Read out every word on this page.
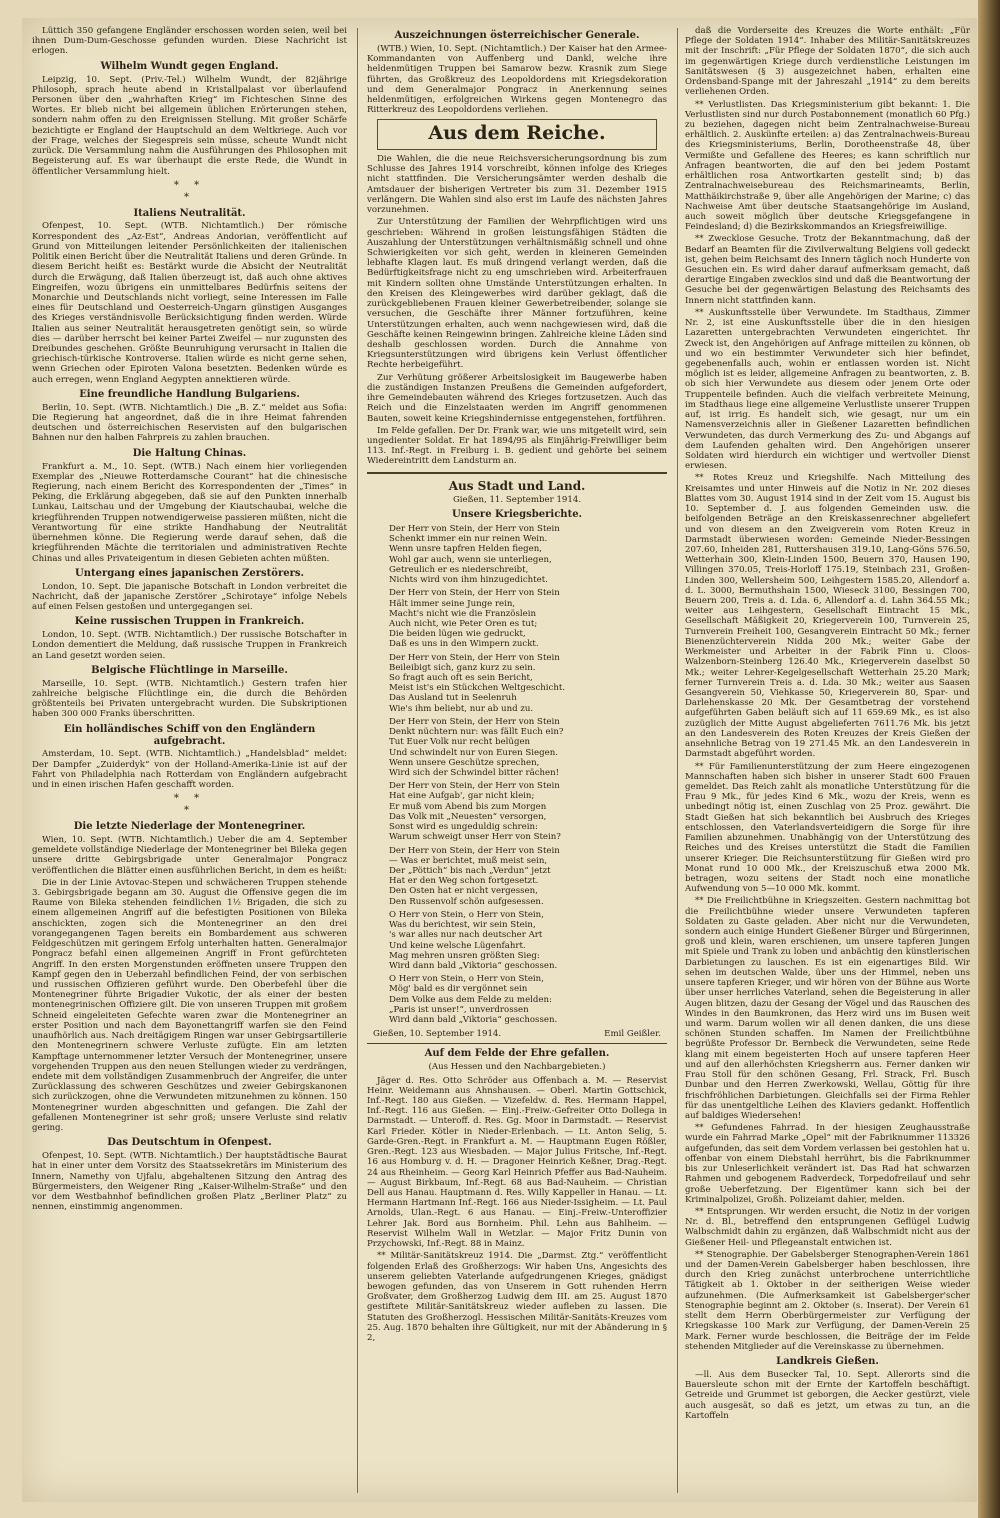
Lüttich 350 gefangene Engländer erschossen worden seien, weil bei ihnen Dum-Dum-Geschosse gefunden wurden. Diese Nachricht ist erlogen.

Wilhelm Wundt gegen England.

Leipzig, 10. Sept. (Priv.-Tel.) Wilhelm Wundt, der 82jährige Philosoph, sprach heute abend in Kristallpalast vor überlaufend Personen über den „wahrhaften Krieg“ im Fichteschen Sinne des Wortes. Er blieb nicht bei allgemein üblichen Erörterungen stehen, sondern nahm offen zu den Ereignissen Stellung. Mit großer Schärfe bezichtigte er England der Hauptschuld an dem Weltkriege. Auch vor der Frage, welches der Siegespreis sein müsse, scheute Wundt nicht zurück. Die Versammlung nahm die Ausführungen des Philosophen mit Begeisterung auf. Es war überhaupt die erste Rede, die Wundt in öffentlicher Versammlung hielt.

* *
*
Italiens Neutralität.

Ofenpest, 10. Sept. (WTB. Nichtamtlich.) Der römische Korrespondent des „Az-Est“, Andreas Andorian, veröffentlicht auf Grund von Mitteilungen leitender Persönlichkeiten der italienischen Politik einen Bericht über die Neutralität Italiens und deren Gründe. In diesem Bericht heißt es: Bestärkt wurde die Absicht der Neutralität durch die Erwägung, daß Italien überzeugt ist, daß auch ohne aktives Eingreifen, wozu übrigens ein unmittelbares Bedürfnis seitens der Monarchie und Deutschlands nicht vorliegt, seine Interessen im Falle eines für Deutschland und Oesterreich-Ungarn günstigen Ausganges des Krieges verständnisvolle Berücksichtigung finden werden. Würde Italien aus seiner Neutralität herausgetreten genötigt sein, so würde dies — darüber herrscht bei keiner Partei Zweifel — nur zugunsten des Dreibundes geschehen. Größte Beunruhigung verursacht in Italien die griechisch-türkische Kontroverse. Italien würde es nicht gerne sehen, wenn Griechen oder Epiroten Valona besetzten. Bedenken würde es auch erregen, wenn England Aegypten annektieren würde.

Eine freundliche Handlung Bulgariens.

Berlin, 10. Sept. (WTB. Nichtamtlich.) Die „B. Z.“ meldet aus Sofia: Die Regierung hat angeordnet, daß die in ihre Heimat fahrenden deutschen und österreichischen Reservisten auf den bulgarischen Bahnen nur den halben Fahrpreis zu zahlen brauchen.

Die Haltung Chinas.

Frankfurt a. M., 10. Sept. (WTB.) Nach einem hier vorliegenden Exemplar des „Nieuwe Rotterdamsche Courant“ hat die chinesische Regierung, nach einem Bericht des Korrespondenten der „Times“ in Peking, die Erklärung abgegeben, daß sie auf den Punkten innerhalb Lunkau, Laitschau und der Umgebung der Kiautschaubai, welche die kriegführenden Truppen notwendigerweise passieren müßten, nicht die Verantwortung für eine strikte Handhabung der Neutralität übernehmen könne. Die Regierung werde darauf sehen, daß die kriegführenden Mächte die territorialen und administrativen Rechte Chinas und alles Privateigentum in diesen Gebieten achten müßten.

Untergang eines japanischen Zerstörers.

London, 10. Sept. Die japanische Botschaft in London verbreitet die Nachricht, daß der japanische Zerstörer „Schirotaye“ infolge Nebels auf einen Felsen gestoßen und untergegangen sei.

Keine russischen Truppen in Frankreich.

London, 10. Sept. (WTB. Nichtamtlich.) Der russische Botschafter in London dementiert die Meldung, daß russische Truppen in Frankreich an Land gesetzt worden seien.

Belgische Flüchtlinge in Marseille.

Marseille, 10. Sept. (WTB. Nichtamtlich.) Gestern trafen hier zahlreiche belgische Flüchtlinge ein, die durch die Behörden größtenteils bei Privaten untergebracht wurden. Die Subskriptionen haben 300 000 Franks überschritten.

Ein holländisches Schiff von den Engländern aufgebracht.

Amsterdam, 10. Sept. (WTB. Nichtamtlich.) „Handelsblad“ meldet: Der Dampfer „Zuiderdyk“ von der Holland-Amerika-Linie ist auf der Fahrt von Philadelphia nach Rotterdam von Engländern aufgebracht und in einen irischen Hafen geschafft worden.

* *
*
Die letzte Niederlage der Montenegriner.

Wien, 10. Sept. (WTB. Nichtamtlich.) Ueber die am 4. September gemeldete vollständige Niederlage der Montenegriner bei Bileka gegen unsere dritte Gebirgsbrigade unter Generalmajor Pongracz veröffentlichen die Blätter einen ausführlichen Bericht, in dem es heißt:

Die in der Linie Avtovac-Stepen und schwächeren Truppen stehende 3. Gebirgsbrigade begann am 30. August die Offensive gegen die im Raume von Bileka stehenden feindlichen 1½ Brigaden, die sich zu einem allgemeinen Angriff auf die befestigten Positionen von Bileka anschickten, zogen sich die Montenegriner an den drei vorangegangenen Tagen bereits ein Bombardement aus schweren Feldgeschützen mit geringem Erfolg unterhalten hatten. Generalmajor Pongracz befahl einen allgemeinen Angriff in Front gefürchteten Angriff. In den ersten Morgenstunden eröffneten unsere Truppen den Kampf gegen den in Ueberzahl befindlichen Feind, der von serbischen und russischen Offizieren geführt wurde. Den Oberbefehl über die Montenegriner führte Brigadier Vukotic, der als einer der besten montenegrinischen Offiziere gilt. Die von unseren Truppen mit großem Schneid eingeleiteten Gefechte waren zwar die Montenegriner an erster Position und nach dem Bayonettangriff warfen sie den Feind unaufhörlich aus. Nach dreitägigem Ringen war unser Gebirgsartillerie den Montenegrinern schwere Verluste zufügte. Ein am letzten Kampftage unternommener letzter Versuch der Montenegriner, unsere vorgehenden Truppen aus den neuen Stellungen wieder zu verdrängen, endete mit dem vollständigen Zusammenbruch der Angreifer, die unter Zurücklassung des schweren Geschützes und zweier Gebirgskanonen sich zurückzogen, ohne die Verwundeten mitzunehmen zu können. 150 Montenegriner wurden abgeschnitten und gefangen. Die Zahl der gefallenen Montenegriner ist sehr groß; unsere Verluste sind relativ gering.

Das Deutschtum in Ofenpest.

Ofenpest, 10. Sept. (WTB. Nichtamtlich.) Der hauptstädtische Baurat hat in einer unter dem Vorsitz des Staatssekretärs im Ministerium des Innern, Namethy von Ujfalu, abgehaltenen Sitzung den Antrag des Bürgermeisters, den Weigener Ring „Kaiser-Wilhelm-Straße“ und den vor dem Westbahnhof befindlichen großen Platz „Berliner Platz“ zu nennen, einstimmig angenommen.

Auszeichnungen österreichischer Generale.

(WTB.) Wien, 10. Sept. (Nichtamtlich.) Der Kaiser hat den Armee-Kommandanten von Auffenberg und Dankl, welche ihre heldenmütigen Truppen bei Samarow bezw. Krasnik zum Siege führten, das Großkreuz des Leopoldordens mit Kriegsdekoration und dem Generalmajor Pongracz in Anerkennung seines heldenmütigen, erfolgreichen Wirkens gegen Montenegro das Ritterkreuz des Leopoldordens verliehen.

Aus dem Reiche.

Die Wahlen, die die neue Reichsversicherungsordnung bis zum Schlusse des Jahres 1914 vorschreibt, können infolge des Krieges nicht stattfinden. Die Versicherungsämter werden deshalb die Amtsdauer der bisherigen Vertreter bis zum 31. Dezember 1915 verlängern. Die Wahlen sind also erst im Laufe des nächsten Jahres vorzunehmen.

Zur Unterstützung der Familien der Wehrpflichtigen wird uns geschrieben: Während in großen leistungsfähigen Städten die Auszahlung der Unterstützungen verhältnismäßig schnell und ohne Schwierigkeiten vor sich geht, werden in kleineren Gemeinden lebhafte Klagen laut. Es muß dringend verlangt werden, daß die Bedürftigkeitsfrage nicht zu eng umschrieben wird. Arbeiterfrauen mit Kindern sollten ohne Umstände Unterstützungen erhalten. In den Kreisen des Kleingewerbes wird darüber geklagt, daß die zurückgebliebenen Frauen kleiner Gewerbetreibender, solange sie versuchen, die Geschäfte ihrer Männer fortzuführen, keine Unterstützungen erhalten, auch wenn nachgewiesen wird, daß die Geschäfte keinen Reingewinn bringen. Zahlreiche kleine Läden sind deshalb geschlossen worden. Durch die Annahme von Kriegsunterstützungen wird übrigens kein Verlust öffentlicher Rechte herbeigeführt.

Zur Verhütung größerer Arbeitslosigkeit im Baugewerbe haben die zuständigen Instanzen Preußens die Gemeinden aufgefordert, ihre Gemeindebauten während des Krieges fortzusetzen. Auch das Reich und die Einzelstaaten werden im Angriff genommenen Bauten, soweit keine Kriegshindernisse entgegenstehen, fortführen.

Im Felde gefallen. Der Dr. Frank war, wie uns mitgeteilt wird, sein ungedienter Soldat. Er hat 1894/95 als Einjährig-Freiwilliger beim 113. Inf.-Regt. in Freiburg i. B. gedient und gehörte bei seinem Wiedereintritt dem Landsturm an.

Aus Stadt und Land.
Gießen, 11. September 1914.
Unsere Kriegsberichte.
Der Herr von Stein, der Herr von Stein
Schenkt immer ein nur reinen Wein.
Wenn unsre tapfren Helden fiegen,
Wohl gar auch, wenn sie unterliegen,
Getreulich er es niederschreibt,
Nichts wird von ihm hinzugedichtet.
Der Herr von Stein, der Herr von Stein
Hält immer seine Junge rein,
Macht's nicht wie die Französlein
Auch nicht, wie Peter Oren es tut;
Die beiden lügen wie gedruckt,
Daß es uns in den Wimpern zuckt.
Der Herr von Stein, der Herr von Stein
Beileibigt sich, ganz kurz zu sein.
So fragt auch oft es sein Bericht,
Meist ist's ein Stückchen Weltgeschicht.
Das Ausland tut in Seelenruh
Wie's ihm beliebt, nur ab und zu.
Der Herr von Stein, der Herr von Stein
Denkt nüchtern nur: was fällt Euch ein?
Tut Euer Volk nur recht belügen
Und schwindelt nur von Euren Siegen.
Wenn unsere Geschütze sprechen,
Wird sich der Schwindel bitter rächen!
Der Herr von Stein, der Herr von Stein
Hat eine Aufgab', gar nicht klein;
Er muß vom Abend bis zum Morgen
Das Volk mit „Neuesten“ versorgen,
Sonst wird es ungeduldig schrein:
Warum schweigt unser Herr von Stein?
Der Herr von Stein, der Herr von Stein
— Was er berichtet, muß meist sein,
Der „Pöttich“ bis nach „Verdun“ jetzt
Hat er den Weg schon fortgesetzt.
Den Osten hat er nicht vergessen,
Den Russenvolf schön aufgesessen.
O Herr von Stein, o Herr von Stein,
Was du berichtest, wir sein Stein,
's war alles nur nach deutscher Art
Und keine welsche Lügenfahrt.
Mag mehren unsren größten Sieg:
Wird dann bald „Viktoria“ geschossen.
O Herr von Stein, o Herr von Stein,
Mög' bald es dir vergönnet sein
Dem Volke aus dem Felde zu melden:
„Paris ist unser!“, unverdrossen
Wird dann bald „Viktoria“ geschossen.
Gießen, 10. September 1914.	Emil Geißler.
Auf dem Felde der Ehre gefallen.
(Aus Hessen und den Nachbargebieten.)

Jäger d. Res. Otto Schröder aus Offenbach a. M. — Reservist Heinr. Weidemann aus Ahnshausen. — Oberl. Martin Gottschick, Inf.-Regt. 180 aus Gießen. — Vizefeldw. d. Res. Hermann Happel, Inf.-Regt. 116 aus Gießen. — Einj.-Freiw.-Gefreiter Otto Dollega in Darmstadt. — Unteroff. d. Res. Gg. Moor in Darmstadt. — Reservist Karl Frieder. Kötler in Nieder-Erlenbach. — Lt. Anton Selig, 5. Garde-Gren.-Regt. in Frankfurt a. M. — Hauptmann Eugen Rößler, Gren.-Regt. 123 aus Wiesbaden. — Major Julius Fritsche, Inf.-Regt. 16 aus Homburg v. d. H. — Dragoner Heinrich Keßner, Drag.-Regt. 24 aus Rheinheim. — Georg Karl Heinrich Pfeffer aus Bad-Nauheim. — August Birkbaum, Inf.-Regt. 68 aus Bad-Nauheim. — Christian Dell aus Hanau. Hauptmann d. Res. Willy Kappeller in Hanau. — Lt. Hermann Hartmann Inf.-Regt. 166 aus Nieder-Issigheim. — Lt. Paul Arnolds, Ulan.-Regt. 6 aus Hanau. — Einj.-Freiw.-Unteroffizier Lehrer Jak. Bord aus Bornheim. Phil. Lehn aus Bahlheim. — Reservist Wilhelm Wall in Wetzlar. — Major Fritz Dunin von Przychowski, Inf.-Regt. 88 in Mainz.

** Militär-Sanitätskreuz 1914. Die „Darmst. Ztg.“ veröffentlicht folgenden Erlaß des Großherzogs: Wir haben Uns, Angesichts des unserem geliebten Vaterlande aufgedrungenen Krieges, gnädigst bewogen gefunden, das von Unserem in Gott ruhenden Herrn Großvater, dem Großherzog Ludwig dem III. am 25. August 1870 gestiftete Militär-Sanitätskreuz wieder aufleben zu lassen. Die Statuten des Großherzogl. Hessischen Militär-Sanitäts-Kreuzes vom 25. Aug. 1870 behalten ihre Gültigkeit, nur mit der Abänderung in § 2,

daß die Vorderseite des Kreuzes die Worte enthält: „Für Pflege der Soldaten 1914“. Inhaber des Militär-Sanitätskreuzes mit der Inschrift: „Für Pflege der Soldaten 1870“, die sich auch im gegenwärtigen Kriege durch verdienstliche Leistungen im Sanitätswesen (§ 3) ausgezeichnet haben, erhalten eine Ordensband-Spange mit der Jahreszahl „1914“ zu dem bereits verliehenen Orden.

** Verlustlisten. Das Kriegsministerium gibt bekannt: 1. Die Verlustlisten sind nur durch Postabonnement (monatlich 60 Pfg.) zu beziehen, dagegen nicht beim Zentralnachweise-Bureau erhältlich. 2. Auskünfte erteilen: a) das Zentralnachweis-Bureau des Kriegsministeriums, Berlin, Dorotheenstraße 48, über Vermißte und Gefallene des Heeres; es kann schriftlich nur Anfragen beantworten, die auf den bei jedem Postamt erhältlichen rosa Antwortkarten gestellt sind; b) das Zentralnachweisebureau des Reichsmarineamts, Berlin, Matthäikirchstraße 9, über alle Angehörigen der Marine; c) das Nachweise Amt über deutsche Staatsangehörige im Ausland, auch soweit möglich über deutsche Kriegsgefangene in Feindesland; d) die Bezirkskommandos an Kriegsfreiwillige.

** Zwecklose Gesuche. Trotz der Bekanntmachung, daß der Bedarf an Beamten für die Zivilverwaltung Belgiens voll gedeckt ist, gehen beim Reichsamt des Innern täglich noch Hunderte von Gesuchen ein. Es wird daher darauf aufmerksam gemacht, daß derartige Eingaben zwecklos sind und daß die Beantwortung der Gesuche bei der gegenwärtigen Belastung des Reichsamts des Innern nicht stattfinden kann.

** Auskunftsstelle über Verwundete. Im Stadthaus, Zimmer Nr. 2, ist eine Auskunftsstelle über die in den hiesigen Lazaretten untergebrachten Verwundeten eingerichtet. Ihr Zweck ist, den Angehörigen auf Anfrage mitteilen zu können, ob und wo ein bestimmter Verwundeter sich hier befindet, gegebenenfalls auch, wohin er entlassen worden ist. Nicht möglich ist es leider, allgemeine Anfragen zu beantworten, z. B. ob sich hier Verwundete aus diesem oder jenem Orte oder Truppenteile befinden. Auch die vielfach verbreitete Meinung, im Stadthaus liege eine allgemeine Verlustliste unserer Truppen auf, ist irrig. Es handelt sich, wie gesagt, nur um ein Namensverzeichnis aller in Gießener Lazaretten befindlichen Verwundeten, das durch Vermerkung des Zu- und Abgangs auf dem Laufenden gehalten wird. Den Angehörigen unserer Soldaten wird hierdurch ein wichtiger und wertvoller Dienst erwiesen.

** Rotes Kreuz und Kriegshilfe. Nach Mitteilung des Kreisamtes und unter Hinweis auf die Notiz in Nr. 202 dieses Blattes vom 30. August 1914 sind in der Zeit vom 15. August bis 10. September d. J. aus folgenden Gemeinden usw. die beifolgenden Beträge an den Kreiskassenrechner abgeliefert und von diesem an den Zweigverein vom Roten Kreuz in Darmstadt überwiesen worden: Gemeinde Nieder-Bessingen 207.60, Inheiden 281, Ruttershausen 319.10, Lang-Göns 576.50, Wetterhain 300, Klein-Linden 1500, Beuern 370, Hausen 190, Villingen 370.05, Treis-Horloff 175.19, Steinbach 231, Großen-Linden 300, Wellersheim 500, Leihgestern 1585.20, Allendorf a. d. L. 3000, Bermuthshain 1500, Wieseck 3100, Bessingen 700, Beuern 200, Treis a. d. Lda. 6, Allendorf a. d. Lahn 364.55 Mk.; weiter aus Leihgestern, Gesellschaft Eintracht 15 Mk., Gesellschaft Mäßigkeit 20, Kriegerverein 100, Turnverein 25, Turnverein Freiheit 100, Gesangverein Eintracht 50 Mk.; ferner Bienenzüchterverein Nidda 200 Mk.; weiter Gabe der Werkmeister und Arbeiter in der Fabrik Finn u. Cloos-Walzenborn-Steinberg 126.40 Mk., Kriegerverein daselbst 50 Mk.; weiter Lehrer-Kegelgesellschaft Wetterhain 25.20 Mark; ferner Turnverein Treis a. d. Lda. 30 Mk.; weiter aus Saasen Gesangverein 50, Viehkasse 50, Kriegerverein 80, Spar- und Darlehenskasse 20 Mk. Der Gesamtbetrag der vorstehend aufgeführten Gaben beläuft sich auf 11 659.69 Mk., es ist also zuzüglich der Mitte August abgelieferten 7611.76 Mk. bis jetzt an den Landesverein des Roten Kreuzes der Kreis Gießen der ansehnliche Betrag von 19 271.45 Mk. an den Landesverein in Darmstadt abgeführt worden.

** Für Familienunterstützung der zum Heere eingezogenen Mannschaften haben sich bisher in unserer Stadt 600 Frauen gemeldet. Das Reich zahlt als monatliche Unterstützung für die Frau 9 Mk., für jedes Kind 6 Mk., wozu der Kreis, wenn es unbedingt nötig ist, einen Zuschlag von 25 Proz. gewährt. Die Stadt Gießen hat sich bekanntlich bei Ausbruch des Krieges entschlossen, den Vaterlandsverteidigern die Sorge für ihre Familien abzunehmen. Unabhängig von der Unterstützung des Reiches und des Kreises unterstützt die Stadt die Familien unserer Krieger. Die Reichsunterstützung für Gießen wird pro Monat rund 10 000 Mk., der Kreiszuschuß etwa 2000 Mk. betragen, wozu seitens der Stadt noch eine monatliche Aufwendung von 5—10 000 Mk. kommt.

** Die Freilichtbühne in Kriegszeiten. Gestern nachmittag bot die Freilichtbühne wieder unsere Verwundeten tapferen Soldaten zu Gaste geladen. Aber nicht nur die Verwundeten, sondern auch einige Hundert Gießener Bürger und Bürgerinnen, groß und klein, waren erschienen, um unsere tapferen Jungen mit Spiele und Trank zu loben und anbächtig den künstlerischen Darbietungen zu lauschen. Es ist ein eigenartiges Bild. Wir sehen im deutschen Walde, über uns der Himmel, neben uns unsere tapferen Krieger, und wir hören von der Bühne aus Worte über unser herrliches Vaterland, sehen die Begeisterung in aller Augen blitzen, dazu der Gesang der Vögel und das Rauschen des Windes in den Baumkronen, das Herz wird uns im Busen weit und warm. Darum wollen wir all denen danken, die uns diese schönen Stunden schaffen. Im Namen der Freilichtbühne begrüßte Professor Dr. Bernbeck die Verwundeten, seine Rede klang mit einem begeisterten Hoch auf unsere tapferen Heer und auf den allerhöchsten Kriegsherrn aus. Ferner danken wir Frau Stoll für den schönen Gesang, Frl. Strack, Frl. Busch Dunbar und den Herren Zwerkowski, Wellau, Göttig für ihre frischfröhlichen Darbietungen. Gleichfalls sei der Firma Rehler für das unentgeltliche Leihen des Klaviers gedankt. Hoffentlich auf baldiges Wiedersehen!

** Gefundenes Fahrrad. In der hiesigen Zeughausstraße wurde ein Fahrrad Marke „Opel“ mit der Fabriknummer 113326 aufgefunden, das seit dem Vordem verlassen bei gestohlen hat u. offenbar von einem Diebstahl herrührt, bis die Fabriknummer bis zur Unleserlichkeit verändert ist. Das Rad hat schwarzen Rahmen und gebogenem Radverdeck, Torpedofreilauf und sehr große Ueberfetzung. Der Eigentümer kann sich bei der Kriminalpolizei, Großh. Polizeiamt dahier, melden.

** Entsprungen. Wir werden ersucht, die Notiz in der vorigen Nr. d. Bl., betreffend den entsprungenen Geflügel Ludwig Walbschmidt dahin zu ergänzen, daß Walbschmidt nicht aus der Gießener Heil- und Pflegeanstalt entwichen ist.

** Stenographie. Der Gabelsberger Stenographen-Verein 1861 und der Damen-Verein Gabelsberger haben beschlossen, ihre durch den Krieg zunächst unterbrochene unterrichtliche Tätigkeit ab 1. Oktober in der seitherigen Weise wieder aufzunehmen. (Die Aufmerksamkeit ist Gabelsberger'scher Stenographie beginnt am 2. Oktober (s. Inserat). Der Verein 61 stellt dem Herrn Oberbürgermeister zur Verfügung der Kriegskasse 100 Mark zur Verfügung, der Damen-Verein 25 Mark. Ferner wurde beschlossen, die Beiträge der im Felde stehenden Mitglieder auf die Vereinskasse zu übernehmen.

Landkreis Gießen.

—ll. Aus dem Busecker Tal, 10. Sept. Allerorts sind die Bauersleute schon mit der Ernte der Kartoffeln beschäftigt. Getreide und Grummet ist geborgen, die Aecker gestürzt, viele auch ausgesät, so daß es jetzt, um etwas zu tun, an die Kartoffeln
